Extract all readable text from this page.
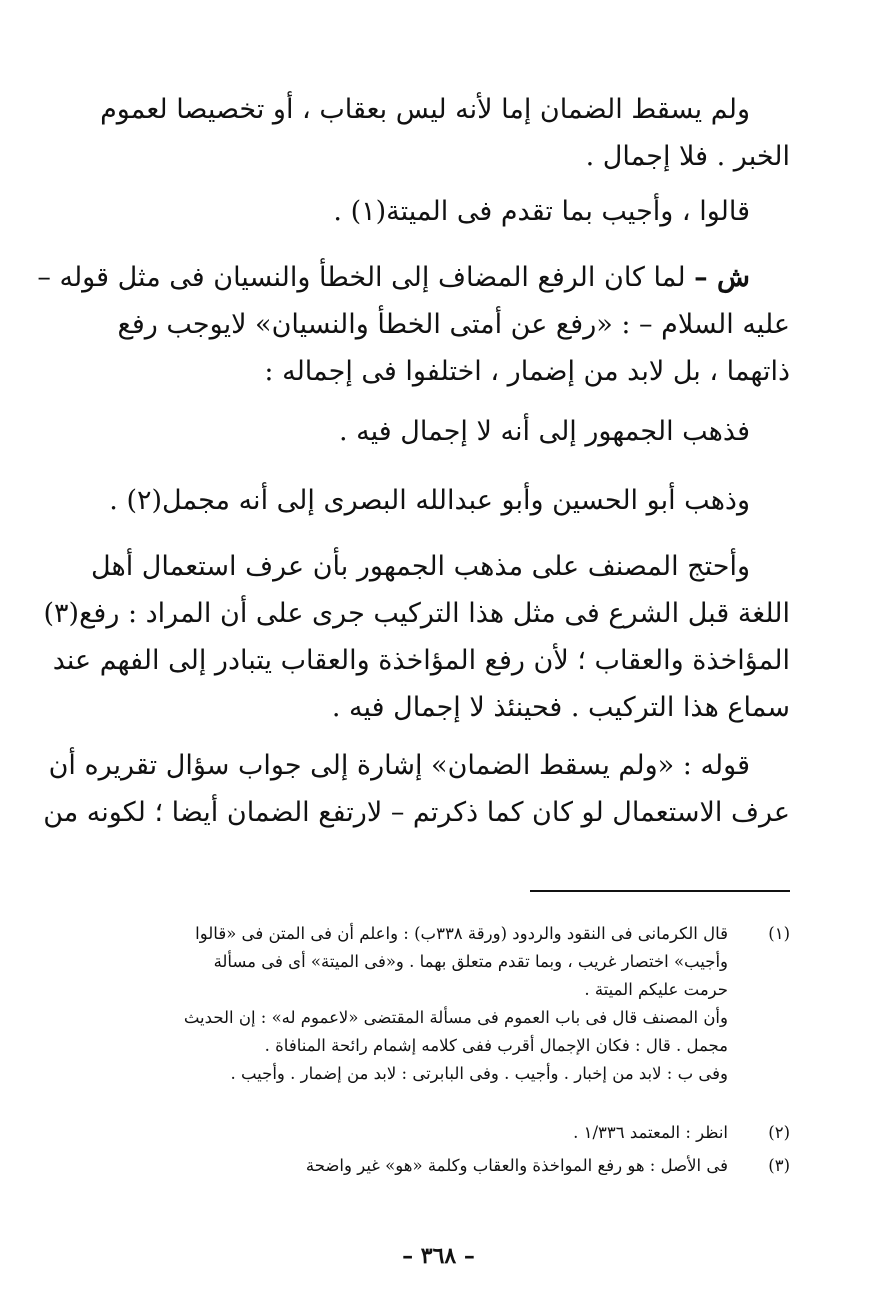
ولم يسقط الضمان إما لأنه ليس بعقاب ، أو تخصيصا لعموم
الخبر . فلا إجمال .
قالوا ، وأجيب بما تقدم فى الميتة(١) .
ش – لما كان الرفع المضاف إلى الخطأ والنسيان فى مثل قوله –
عليه السلام – : «رفع عن أمتى الخطأ والنسيان» لايوجب رفع
ذاتهما ، بل لابد من إضمار ، اختلفوا فى إجماله :
فذهب الجمهور إلى أنه لا إجمال فيه .
وذهب أبو الحسين وأبو عبدالله البصرى إلى أنه مجمل(٢) .
وأحتج المصنف على مذهب الجمهور بأن عرف استعمال أهل
اللغة قبل الشرع فى مثل هذا التركيب جرى على أن المراد : رفع(٣)
المؤاخذة والعقاب ؛ لأن رفع المؤاخذة والعقاب يتبادر إلى الفهم عند
سماع هذا التركيب . فحينئذ لا إجمال فيه .
قوله : «ولم يسقط الضمان» إشارة إلى جواب سؤال تقريره أن
عرف الاستعمال لو كان كما ذكرتم – لارتفع الضمان أيضا ؛ لكونه من
(١)
قال الكرمانى فى النقود والردود (ورقة ٣٣٨ب) : واعلم أن فى المتن فى «قالوا
وأجيب» اختصار غريب ، وبما تقدم متعلق بهما . و«فى الميتة» أى فى مسألة
حرمت عليكم الميتة .
وأن المصنف قال فى باب العموم فى مسألة المقتضى «لاعموم له» : إن الحديث
مجمل . قال : فكان الإجمال أقرب ففى كلامه إشمام رائحة المنافاة .
وفى ب : لابد من إخبار . وأجيب . وفى البابرتى : لابد من إضمار . وأجيب .
(٢)
انظر : المعتمد ١/٣٣٦ .
(٣)
فى الأصل : هو رفع المواخذة والعقاب وكلمة «هو» غير واضحة
– ٣٦٨ –
